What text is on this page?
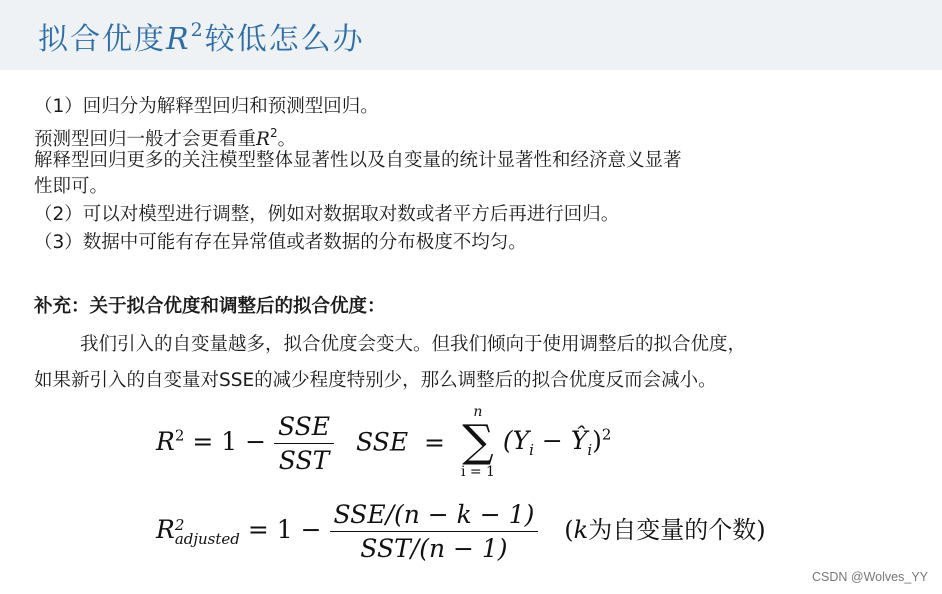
拟合优度$R^2$较低怎么办
（1）回归分为解释型回归和预测型回归。
预测型回归一般才会更看重$R^2$。
解释型回归更多的关注模型整体显著性以及自变量的统计显著性和经济意义显著
性即可。
（2）可以对模型进行调整，例如对数据取对数或者平方后再进行回归。
（3）数据中可能有存在异常值或者数据的分布极度不均匀。
补充：关于拟合优度和调整后的拟合优度：
我们引入的自变量越多，拟合优度会变大。但我们倾向于使用调整后的拟合优度，
如果新引入的自变量对SSE的减少程度特别少，那么调整后的拟合优度反而会减小。
$R^2 = 1 - \frac{\text{SSE}}{\text{SST}}$ SSE =
n
∑
i = 1
($Y_i$ − $Ŷ_i)^2$
R 2
adjusted = $1 - \frac{\text{SSE/(n − k − 1)}}{\text{SST/(n − 1)}} (k$为自变量的个数)
CSDN @Wolves_YY
